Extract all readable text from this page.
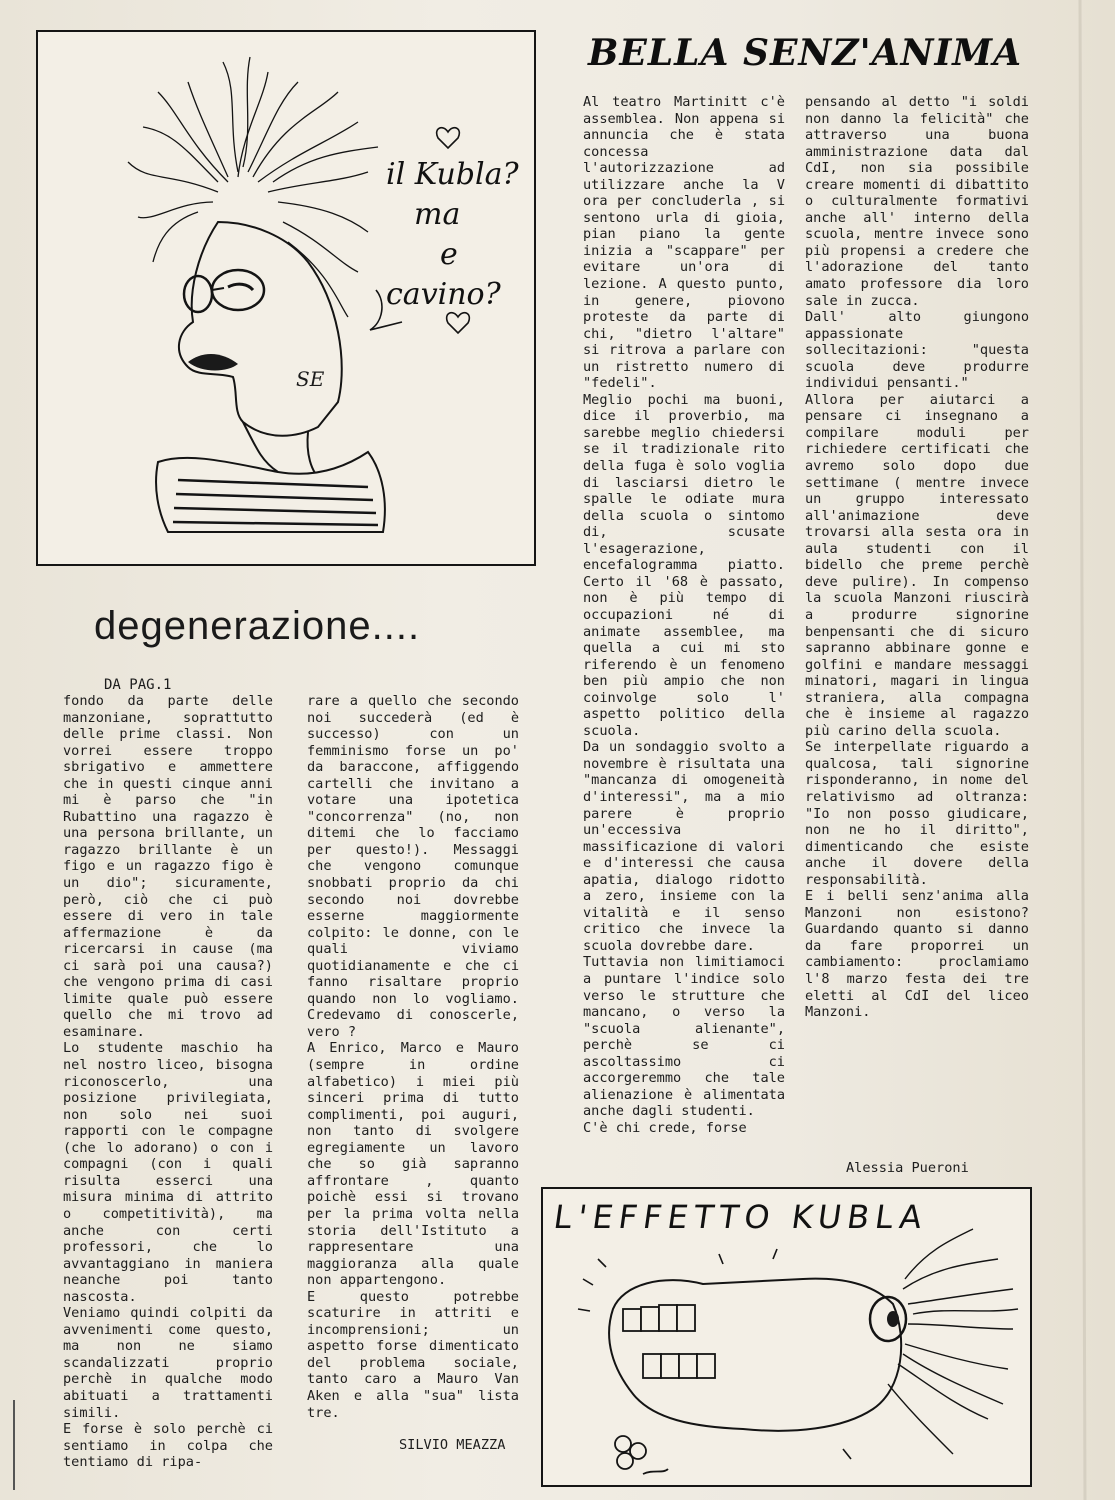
SE
il Kubla?
ma
e
cavino?
BELLA SENZ'ANIMA

Al teatro Martinitt c'è assemblea. Non appena si annuncia che è stata concessa l'autorizzazione ad utilizzare anche la V ora per concluderla , si sentono urla di gioia, pian piano la gente inizia a "scappare" per evitare un'ora di lezione. A questo punto, in genere, piovono proteste da parte di chi, "dietro l'altare" si ritrova a parlare con un ristretto numero di "fedeli".

Meglio pochi ma buoni, dice il proverbio, ma sarebbe meglio chiedersi se il tradizionale rito della fuga è solo voglia di lasciarsi dietro le spalle le odiate mura della scuola o sintomo di, scusate l'esagerazione, encefalogramma piatto. Certo il '68 è passato, non è più tempo di occupazioni né di animate assemblee, ma quella a cui mi sto riferendo è un fenomeno ben più ampio che non coinvolge solo l' aspetto politico della scuola.

Da un sondaggio svolto a novembre è risultata una "mancanza di omogeneità d'interessi", ma a mio parere è proprio un'eccessiva massificazione di valori e d'interessi che causa apatia, dialogo ridotto a zero, insieme con la vitalità e il senso critico che invece la scuola dovrebbe dare.

Tuttavia non limitiamoci a puntare l'indice solo verso le strutture che mancano, o verso la "scuola alienante", perchè se ci ascoltassimo ci accorgeremmo che tale alienazione è alimentata anche dagli studenti.

C'è chi crede, forse

pensando al detto "i soldi non danno la felicità" che attraverso una buona amministrazione data dal CdI, non sia possibile creare momenti di dibattito o culturalmente formativi anche all' interno della scuola, mentre invece sono più propensi a credere che l'adorazione del tanto amato professore dia loro sale in zucca.

Dall' alto giungono appassionate sollecitazioni: "questa scuola deve produrre individui pensanti."

Allora per aiutarci a pensare ci insegnano a compilare moduli per richiedere certificati che avremo solo dopo due settimane ( mentre invece un gruppo interessato all'animazione deve trovarsi alla sesta ora in aula studenti con il bidello che preme perchè deve pulire). In compenso la scuola Manzoni riuscirà a produrre signorine benpensanti che di sicuro sapranno abbinare gonne e golfini e mandare messaggi minatori, magari in lingua straniera, alla compagna che è insieme al ragazzo più carino della scuola.

Se interpellate riguardo a qualcosa, tali signorine risponderanno, in nome del relativismo ad oltranza: "Io non posso giudicare, non ne ho il diritto", dimenticando che esiste anche il dovere della responsabilità.

E i belli senz'anima alla Manzoni non esistono? Guardando quanto si danno da fare proporrei un cambiamento: proclamiamo l'8 marzo festa dei tre eletti al CdI del liceo Manzoni.

Alessia Pueroni
degenerazione....
DA PAG.1

fondo da parte delle manzoniane, soprattutto delle prime classi. Non vorrei essere troppo sbrigativo e ammettere che in questi cinque anni mi è parso che "in Rubattino una ragazzo è una persona brillante, un ragazzo brillante è un figo e un ragazzo figo è un dio"; sicuramente, però, ciò che ci può essere di vero in tale affermazione è da ricercarsi in cause (ma ci sarà poi una causa?) che vengono prima di casi limite quale può essere quello che mi trovo ad esaminare.

Lo studente maschio ha nel nostro liceo, bisogna riconoscerlo, una posizione privilegiata, non solo nei suoi rapporti con le compagne (che lo adorano) o con i compagni (con i quali risulta esserci una misura minima di attrito o competitività), ma anche con certi professori, che lo avvantaggiano in maniera neanche poi tanto nascosta.

Veniamo quindi colpiti da avvenimenti come questo, ma non ne siamo scandalizzati proprio perchè in qualche modo abituati a trattamenti simili.

E forse è solo perchè ci sentiamo in colpa che tentiamo di ripa-

rare a quello che secondo noi succederà (ed è successo) con un femminismo forse un po' da baraccone, affiggendo cartelli che invitano a votare una ipotetica "concorrenza" (no, non ditemi che lo facciamo per questo!). Messaggi che vengono comunque snobbati proprio da chi secondo noi dovrebbe esserne maggiormente colpito: le donne, con le quali viviamo quotidianamente e che ci fanno risaltare proprio quando non lo vogliamo. Credevamo di conoscerle, vero ?

A Enrico, Marco e Mauro (sempre in ordine alfabetico) i miei più sinceri prima di tutto complimenti, poi auguri, non tanto di svolgere egregiamente un lavoro che so già sapranno affrontare , quanto poichè essi si trovano per la prima volta nella storia dell'Istituto a rappresentare una maggioranza alla quale non appartengono.

E questo potrebbe scaturire in attriti e incomprensioni; un aspetto forse dimenticato del problema sociale, tanto caro a Mauro Van Aken e alla "sua" lista tre.

SILVIO MEAZZA
L'EFFETTO KUBLA
